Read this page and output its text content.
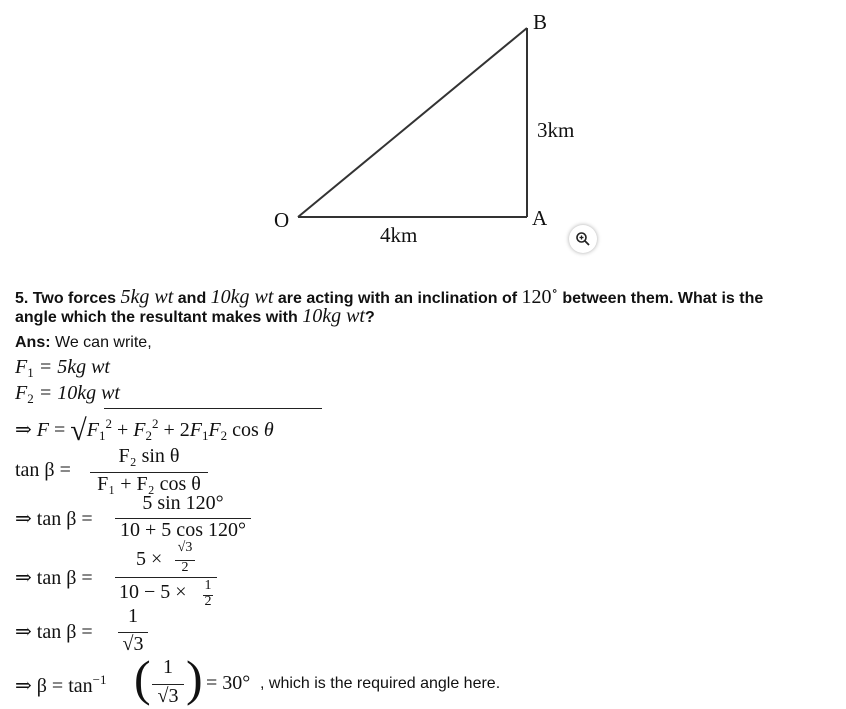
O	A
B
4km
3km
5. Two forces 5kg wt and 10kg wt are acting with an inclination of 120∘ between them. What is the
angle which the resultant makes with 10kg wt?
Ans: We can write,
$F_1 = 5kg$ wt
$F_2 = 10kg$ wt
⇒ $F = √F_1^2 + F_2^2 + 2F_1F_2$ cos θ
tan β =
F₂ sin θ
F₁ + F₂ cos θ
⇒ tan β =
5 sin 120°
10 + 5 cos 120°
⇒ tan β =
5 ×
√3
2
10 − 5 × 1
2
⇒ tan β =
1
√3
⇒ $\beta = \tan^{-1}$ ( 1
√3 ) = 30° , which is the required angle here.
